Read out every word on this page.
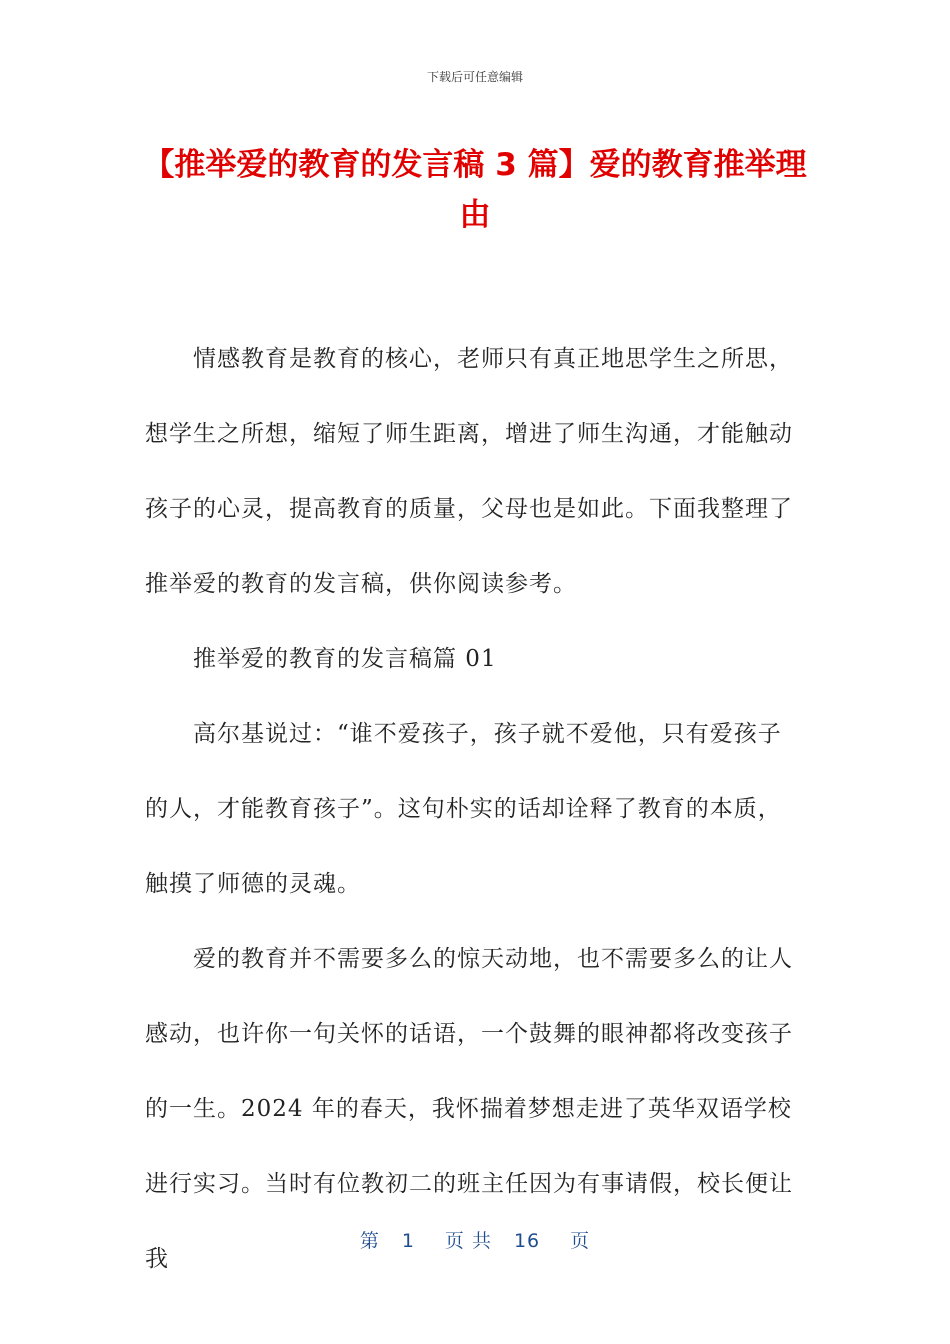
下载后可任意编辑
【推举爱的教育的发言稿 3 篇】爱的教育推举理由

情感教育是教育的核心，老师只有真正地思学生之所思，想学生之所想，缩短了师生距离，增进了师生沟通，才能触动孩子的心灵，提高教育的质量，父母也是如此。下面我整理了推举爱的教育的发言稿，供你阅读参考。

推举爱的教育的发言稿篇 01

高尔基说过：“谁不爱孩子，孩子就不爱他，只有爱孩子的人，才能教育孩子”。这句朴实的话却诠释了教育的本质，触摸了师德的灵魂。

爱的教育并不需要多么的惊天动地，也不需要多么的让人感动，也许你一句关怀的话语，一个鼓舞的眼神都将改变孩子的一生。2024 年的春天，我怀揣着梦想走进了英华双语学校进行实习。当时有位教初二的班主任因为有事请假，校长便让我

第 1 页 共 16 页
